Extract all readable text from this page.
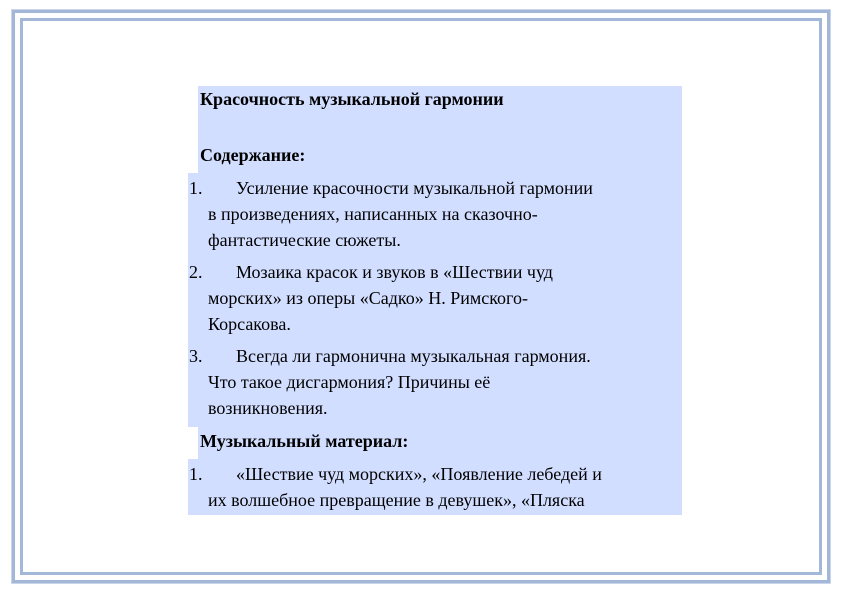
Красочность музыкальной гармонии
Содержание:
1. Усиление красочности музыкальной гармонии
в произведениях, написанных на сказочно-
фантастические сюжеты.
2. Мозаика красок и звуков в «Шествии чуд
морских» из оперы «Садко» Н. Римского-
Корсакова.
3. Всегда ли гармонична музыкальная гармония.
Что такое дисгармония? Причины её
возникновения.
Музыкальный материал:
1. «Шествие чуд морских», «Появление лебедей и
их волшебное превращение в девушек», «Пляска
